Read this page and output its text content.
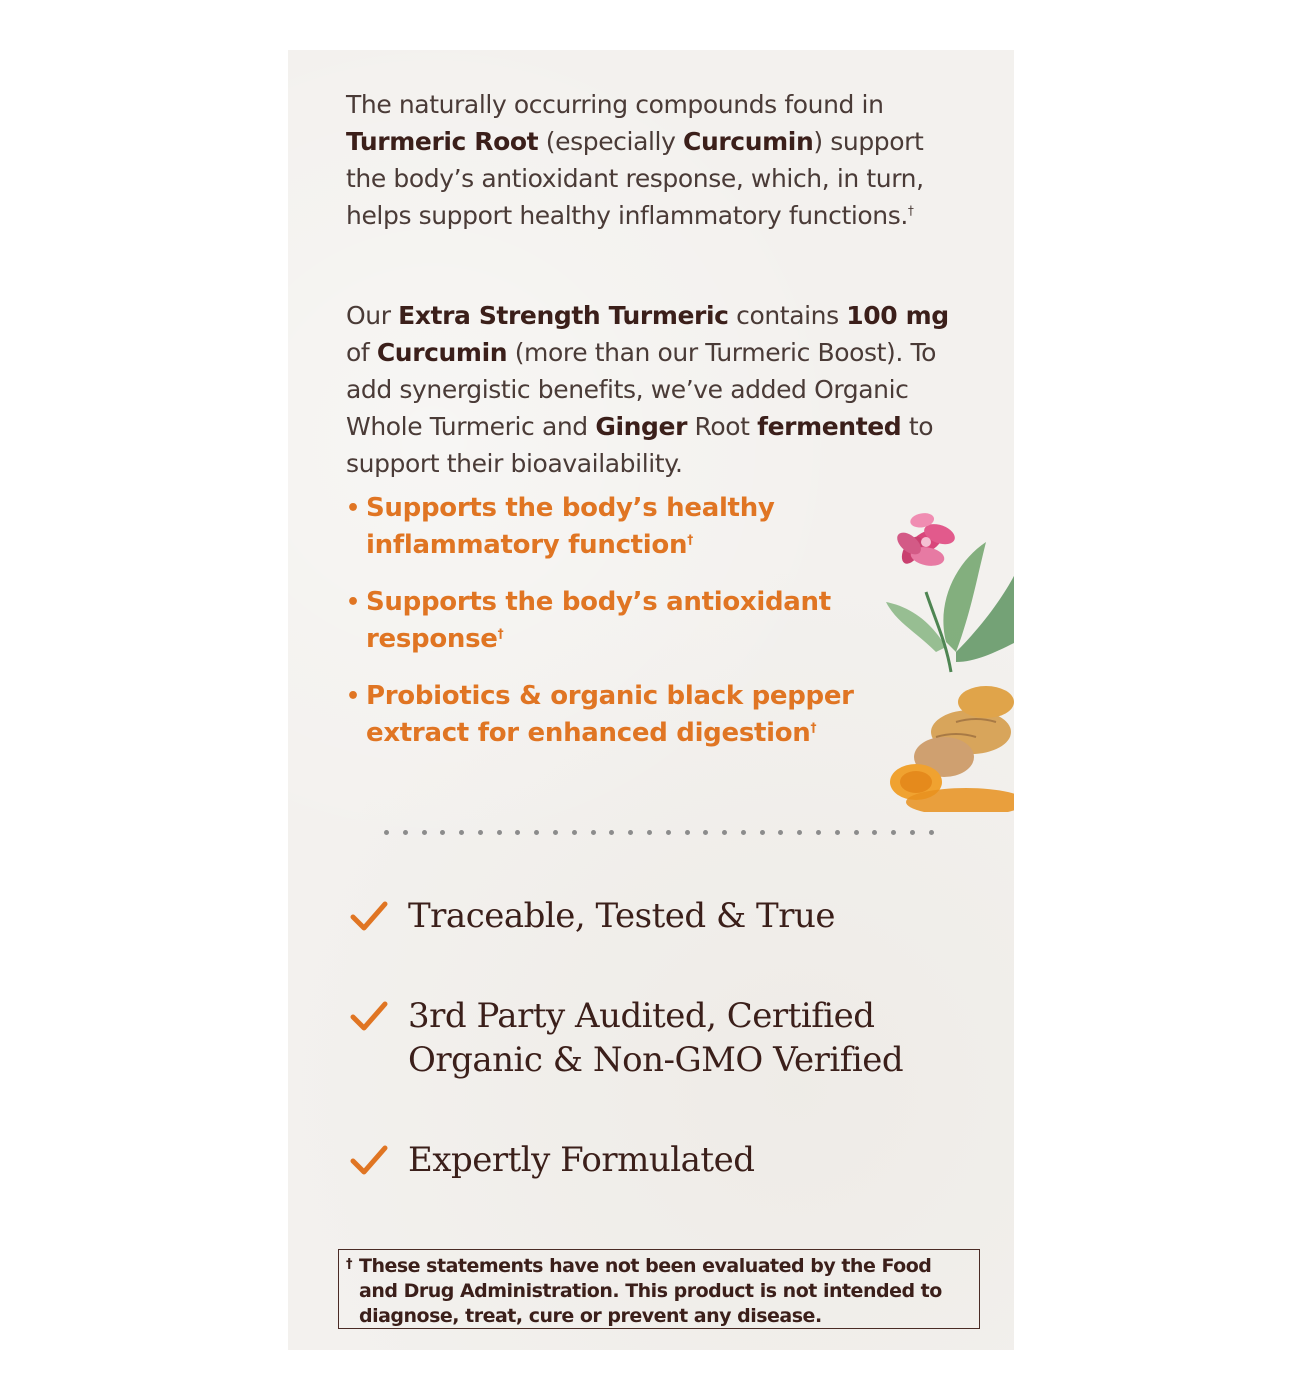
The naturally occurring compounds found in Turmeric Root (especially Curcumin) support the body’s antioxidant response, which, in turn, helps support healthy inflammatory functions.†

Our Extra Strength Turmeric contains 100 mg of Curcumin (more than our Turmeric Boost). To add synergistic benefits, we’ve added Organic Whole Turmeric and Ginger Root fermented to support their bioavailability.

• Supports the body’s healthy inflammatory function†
• Supports the body’s antioxidant response†
• Probiotics & organic black pepper extract for enhanced digestion†
Traceable, Tested & True
3rd Party Audited, Certified Organic & Non-GMO Verified
Expertly Formulated
† These statements have not been evaluated by the Food and Drug Administration. This product is not intended to diagnose, treat, cure or prevent any disease.
